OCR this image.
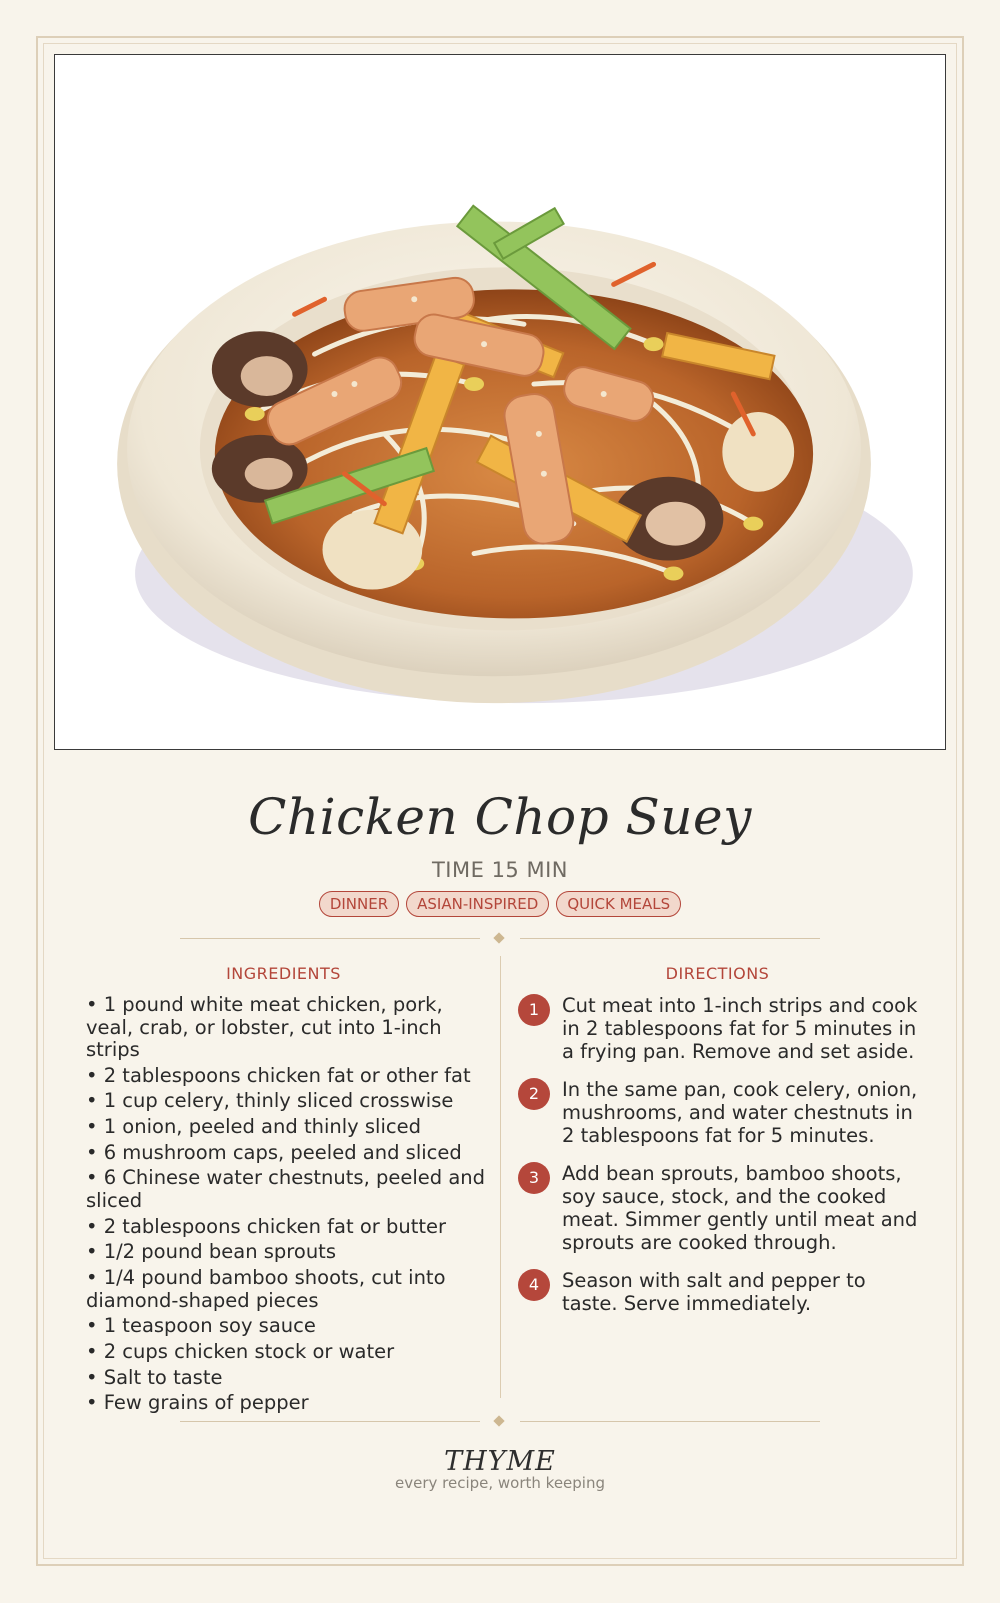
Chicken Chop Suey
TIME 15 MIN
DINNER	ASIAN-INSPIRED	QUICK MEALS
INGREDIENTS
• 1 pound white meat chicken, pork, veal, crab, or lobster, cut into 1-inch strips
• 2 tablespoons chicken fat or other fat
• 1 cup celery, thinly sliced crosswise
• 1 onion, peeled and thinly sliced
• 6 mushroom caps, peeled and sliced
• 6 Chinese water chestnuts, peeled and sliced
• 2 tablespoons chicken fat or butter
• 1/2 pound bean sprouts
• 1/4 pound bamboo shoots, cut into diamond-shaped pieces
• 1 teaspoon soy sauce
• 2 cups chicken stock or water
• Salt to taste
• Few grains of pepper
DIRECTIONS
1	Cut meat into 1-inch strips and cook in 2 tablespoons fat for 5 minutes in a frying pan. Remove and set aside.
2	In the same pan, cook celery, onion, mushrooms, and water chestnuts in 2 tablespoons fat for 5 minutes.
3	Add bean sprouts, bamboo shoots, soy sauce, stock, and the cooked meat. Simmer gently until meat and sprouts are cooked through.
4	Season with salt and pepper to taste. Serve immediately.
THYME
every recipe, worth keeping
